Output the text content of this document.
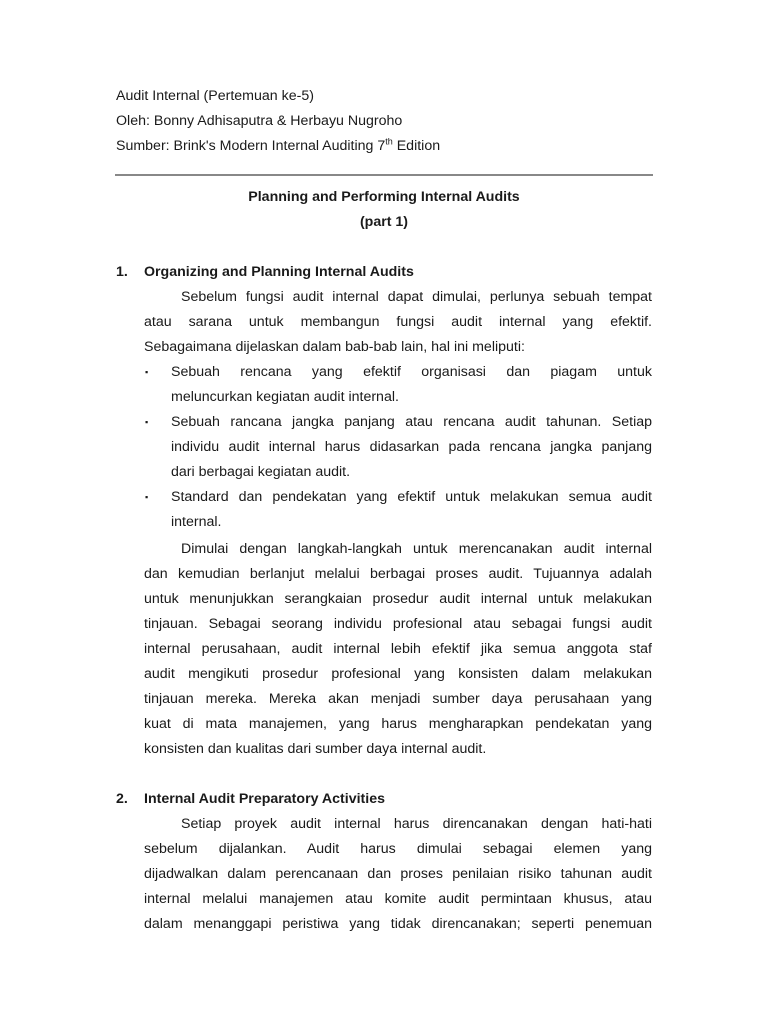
Audit Internal (Pertemuan ke-5)
Oleh: Bonny Adhisaputra & Herbayu Nugroho
Sumber: Brink's Modern Internal Auditing 7th Edition
Planning and Performing Internal Audits
(part 1)
1. Organizing and Planning Internal Audits
Sebelum fungsi audit internal dapat dimulai, perlunya sebuah tempat
atau sarana untuk membangun fungsi audit internal yang efektif.
Sebagaimana dijelaskan dalam bab-bab lain, hal ini meliputi:
▪ Sebuah rencana yang efektif organisasi dan piagam untuk
meluncurkan kegiatan audit internal.
▪ Sebuah rancana jangka panjang atau rencana audit tahunan. Setiap
individu audit internal harus didasarkan pada rencana jangka panjang
dari berbagai kegiatan audit.
▪ Standard dan pendekatan yang efektif untuk melakukan semua audit
internal.
Dimulai dengan langkah-langkah untuk merencanakan audit internal
dan kemudian berlanjut melalui berbagai proses audit. Tujuannya adalah
untuk menunjukkan serangkaian prosedur audit internal untuk melakukan
tinjauan. Sebagai seorang individu profesional atau sebagai fungsi audit
internal perusahaan, audit internal lebih efektif jika semua anggota staf
audit mengikuti prosedur profesional yang konsisten dalam melakukan
tinjauan mereka. Mereka akan menjadi sumber daya perusahaan yang
kuat di mata manajemen, yang harus mengharapkan pendekatan yang
konsisten dan kualitas dari sumber daya internal audit.
2. Internal Audit Preparatory Activities
Setiap proyek audit internal harus direncanakan dengan hati-hati
sebelum dijalankan. Audit harus dimulai sebagai elemen yang
dijadwalkan dalam perencanaan dan proses penilaian risiko tahunan audit
internal melalui manajemen atau komite audit permintaan khusus, atau
dalam menanggapi peristiwa yang tidak direncanakan; seperti penemuan
